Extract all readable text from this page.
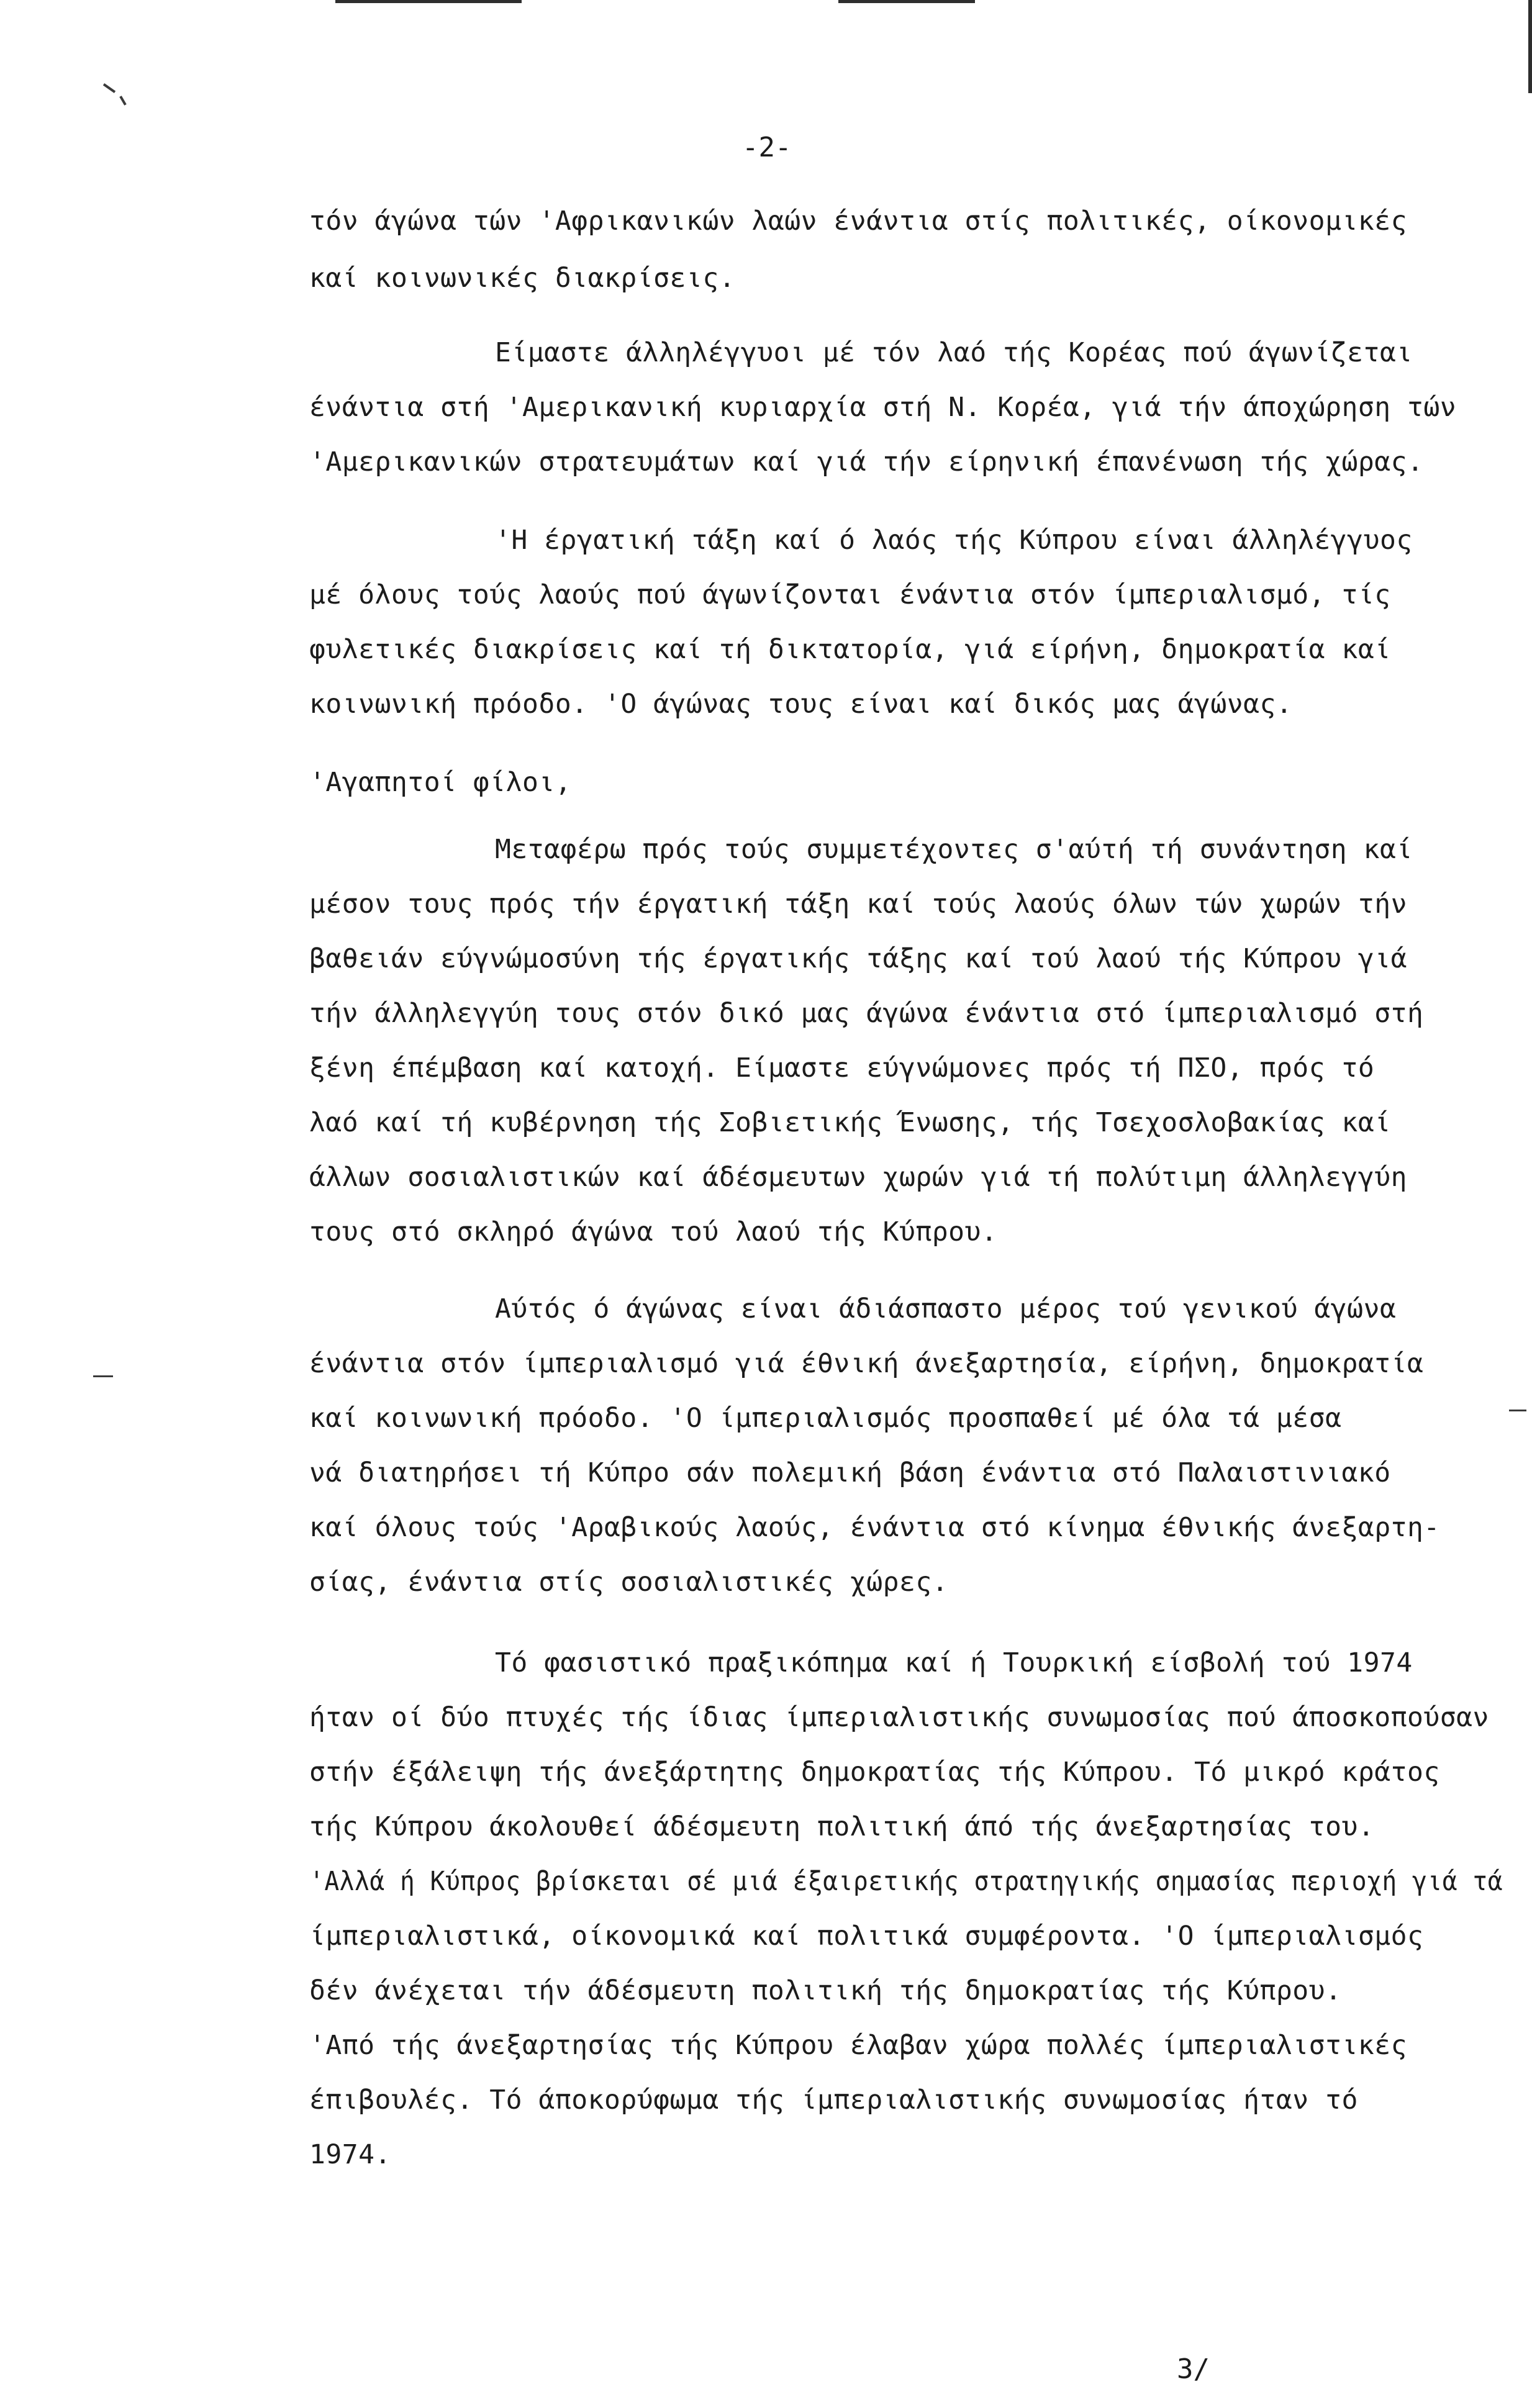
-2-
τόν άγώνα τών 'Αφρικανικών λαών ένάντια στίς πολιτικές, οίκονομικές
καί κοινωνικές διακρίσεις.
Είμαστε άλληλέγγυοι μέ τόν λαό τής Κορέας πού άγωνίζεται
ένάντια στή 'Αμερικανική κυριαρχία στή Ν. Κορέα, γιά τήν άποχώρηση τών
'Αμερικανικών στρατευμάτων καί γιά τήν είρηνική έπανένωση τής χώρας.
'Η έργατική τάξη καί ό λαός τής Κύπρου είναι άλληλέγγυος
μέ όλους τούς λαούς πού άγωνίζονται ένάντια στόν ίμπεριαλισμό, τίς
φυλετικές διακρίσεις καί τή δικτατορία, γιά είρήνη, δημοκρατία καί
κοινωνική πρόοδο. 'Ο άγώνας τους είναι καί δικός μας άγώνας.
'Αγαπητοί φίλοι,
Μεταφέρω πρός τούς συμμετέχοντες σ'αύτή τή συνάντηση καί
μέσον τους πρός τήν έργατική τάξη καί τούς λαούς όλων τών χωρών τήν
βαθειάν εύγνώμοσύνη τής έργατικής τάξης καί τού λαού τής Κύπρου γιά
τήν άλληλεγγύη τους στόν δικό μας άγώνα ένάντια στό ίμπεριαλισμό στή
ξένη έπέμβαση καί κατοχή. Είμαστε εύγνώμονες πρός τή ΠΣΟ, πρός τό
λαό καί τή κυβέρνηση τής Σοβιετικής Ένωσης, τής Τσεχοσλοβακίας καί
άλλων σοσιαλιστικών καί άδέσμευτων χωρών γιά τή πολύτιμη άλληλεγγύη
τους στό σκληρό άγώνα τού λαού τής Κύπρου.
Αύτός ό άγώνας είναι άδιάσπαστο μέρος τού γενικού άγώνα
ένάντια στόν ίμπεριαλισμό γιά έθνική άνεξαρτησία, είρήνη, δημοκρατία
καί κοινωνική πρόοδο. 'Ο ίμπεριαλισμός προσπαθεί μέ όλα τά μέσα
νά διατηρήσει τή Κύπρο σάν πολεμική βάση ένάντια στό Παλαιστινιακό
καί όλους τούς 'Αραβικούς λαούς, ένάντια στό κίνημα έθνικής άνεξαρτη-
σίας, ένάντια στίς σοσιαλιστικές χώρες.
Τό φασιστικό πραξικόπημα καί ή Τουρκική είσβολή τού 1974
ήταν οί δύο πτυχές τής ίδιας ίμπεριαλιστικής συνωμοσίας πού άποσκοπούσαν
στήν έξάλειψη τής άνεξάρτητης δημοκρατίας τής Κύπρου. Τό μικρό κράτος
τής Κύπρου άκολουθεί άδέσμευτη πολιτική άπό τής άνεξαρτησίας του.
'Αλλά ή Κύπρος βρίσκεται σέ μιά έξαιρετικής στρατηγικής σημασίας περιοχή γιά τά
ίμπεριαλιστικά, οίκονομικά καί πολιτικά συμφέροντα. 'Ο ίμπεριαλισμός
δέν άνέχεται τήν άδέσμευτη πολιτική τής δημοκρατίας τής Κύπρου.
'Από τής άνεξαρτησίας τής Κύπρου έλαβαν χώρα πολλές ίμπεριαλιστικές
έπιβουλές. Τό άποκορύφωμα τής ίμπεριαλιστικής συνωμοσίας ήταν τό
1974.
3/
